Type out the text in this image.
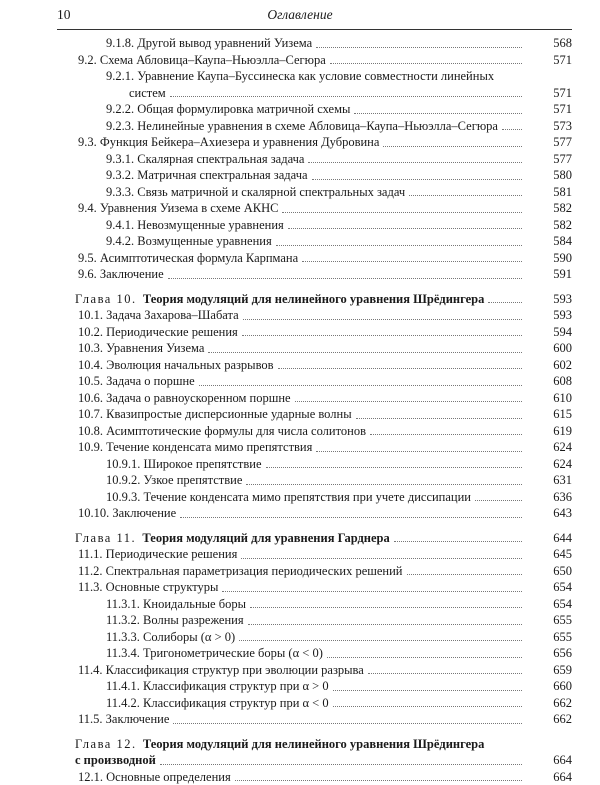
10	Оглавление
9.1.8. Другой вывод уравнений Уизема	568
9.2. Схема Абловица–Каупа–Ньюэлла–Сегюра	571
9.2.1. Уравнение Каупа–Буссинеска как условие совместности линейных
систем	571
9.2.2. Общая формулировка матричной схемы	571
9.2.3. Нелинейные уравнения в схеме Абловица–Каупа–Ньюэлла–Сегюра	573
9.3. Функция Бейкера–Ахиезера и уравнения Дубровина	577
9.3.1. Скалярная спектральная задача	577
9.3.2. Матричная спектральная задача	580
9.3.3. Связь матричной и скалярной спектральных задач	581
9.4. Уравнения Уизема в схеме АКНС	582
9.4.1. Невозмущенные уравнения	582
9.4.2. Возмущенные уравнения	584
9.5. Асимптотическая формула Карпмана	590
9.6. Заключение	591
Глава 10.
Теория модуляций для нелинейного уравнения Шрёдингера	593
10.1. Задача Захарова–Шабата	593
10.2. Периодические решения	594
10.3. Уравнения Уизема	600
10.4. Эволюция начальных разрывов	602
10.5. Задача о поршне	608
10.6. Задача о равноускоренном поршне	610
10.7. Квазипростые дисперсионные ударные волны	615
10.8. Асимптотические формулы для числа солитонов	619
10.9. Течение конденсата мимо препятствия	624
10.9.1. Широкое препятствие	624
10.9.2. Узкое препятствие	631
10.9.3. Течение конденсата мимо препятствия при учете диссипации	636
10.10. Заключение	643
Глава 11.
Теория модуляций для уравнения Гарднера	644
11.1. Периодические решения	645
11.2. Спектральная параметризация периодических решений	650
11.3. Основные структуры	654
11.3.1. Кноидальные боры	654
11.3.2. Волны разрежения	655
11.3.3. Солиборы (α > 0)	655
11.3.4. Тригонометрические боры (α < 0)	656
11.4. Классификация структур при эволюции разрыва	659
11.4.1. Классификация структур при α > 0	660
11.4.2. Классификация структур при α < 0	662
11.5. Заключение	662
Глава 12.
Теория модуляций для нелинейного уравнения Шрёдингера
с производной	664
12.1. Основные определения	664
